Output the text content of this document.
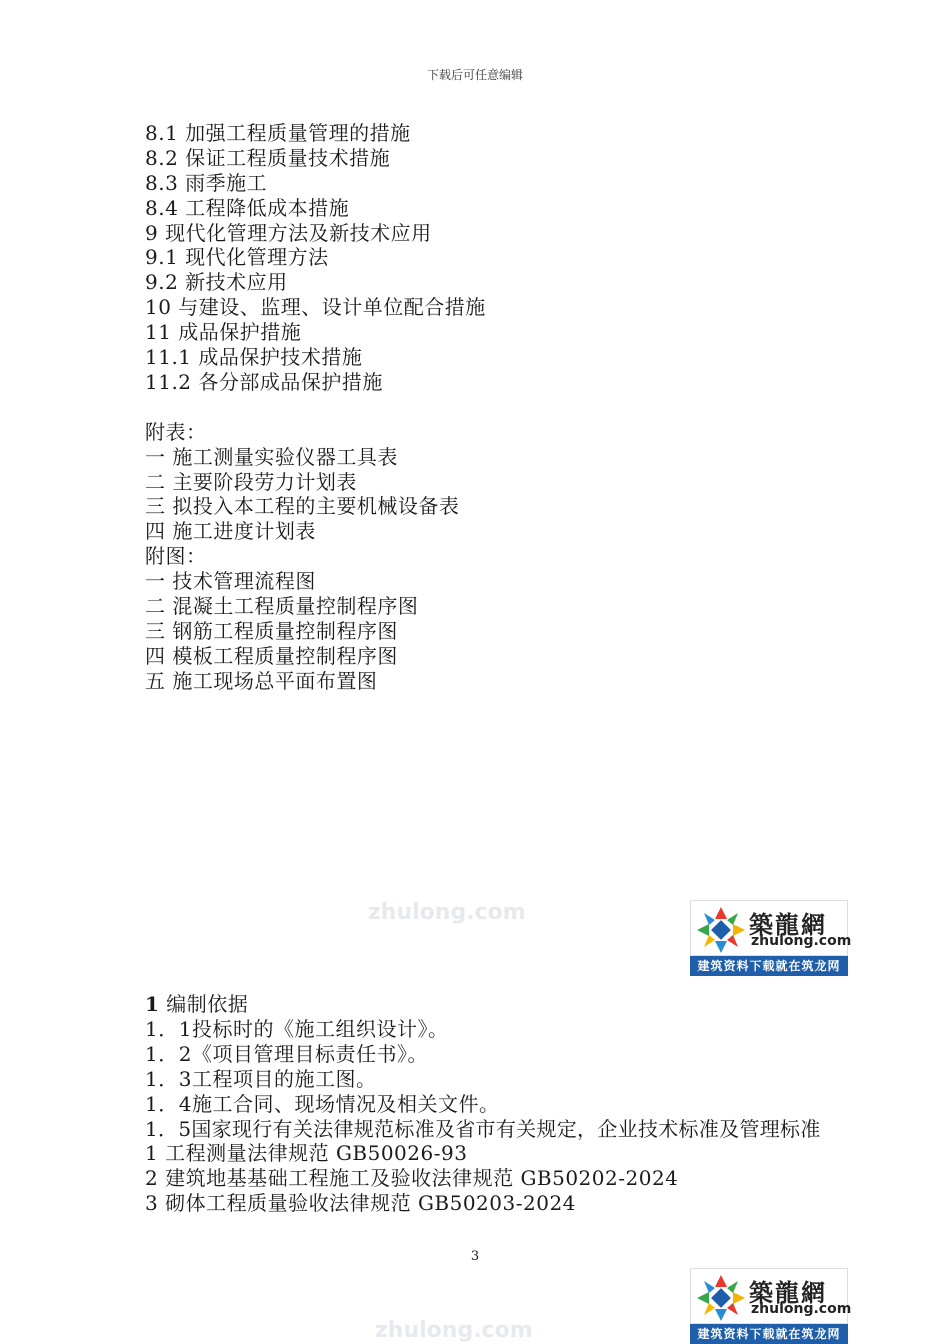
下载后可任意编辑
zhulong.com
zhulong.com
8.1 加强工程质量管理的措施
8.2 保证工程质量技术措施
8.3 雨季施工
8.4 工程降低成本措施
9 现代化管理方法及新技术应用
9.1 现代化管理方法
9.2 新技术应用
10 与建设、监理、设计单位配合措施
11 成品保护措施
11.1 成品保护技术措施
11.2 各分部成品保护措施
附表：
一 施工测量实验仪器工具表
二 主要阶段劳力计划表
三 拟投入本工程的主要机械设备表
四 施工进度计划表
附图：
一 技术管理流程图
二 混凝土工程质量控制程序图
三 钢筋工程质量控制程序图
四 模板工程质量控制程序图
五 施工现场总平面布置图
築龍網
zhulong.com
建筑资料下载就在筑龙网
1 编制依据
1．1投标时的《施工组织设计》。
1．2《项目管理目标责任书》。
1．3工程项目的施工图。
1．4施工合同、现场情况及相关文件。
1．5国家现行有关法律规范标准及省市有关规定，企业技术标准及管理标准
1 工程测量法律规范 GB50026-93
2 建筑地基基础工程施工及验收法律规范 GB50202-2024
3 砌体工程质量验收法律规范 GB50203-2024
3
築龍網
zhulong.com
建筑资料下载就在筑龙网
